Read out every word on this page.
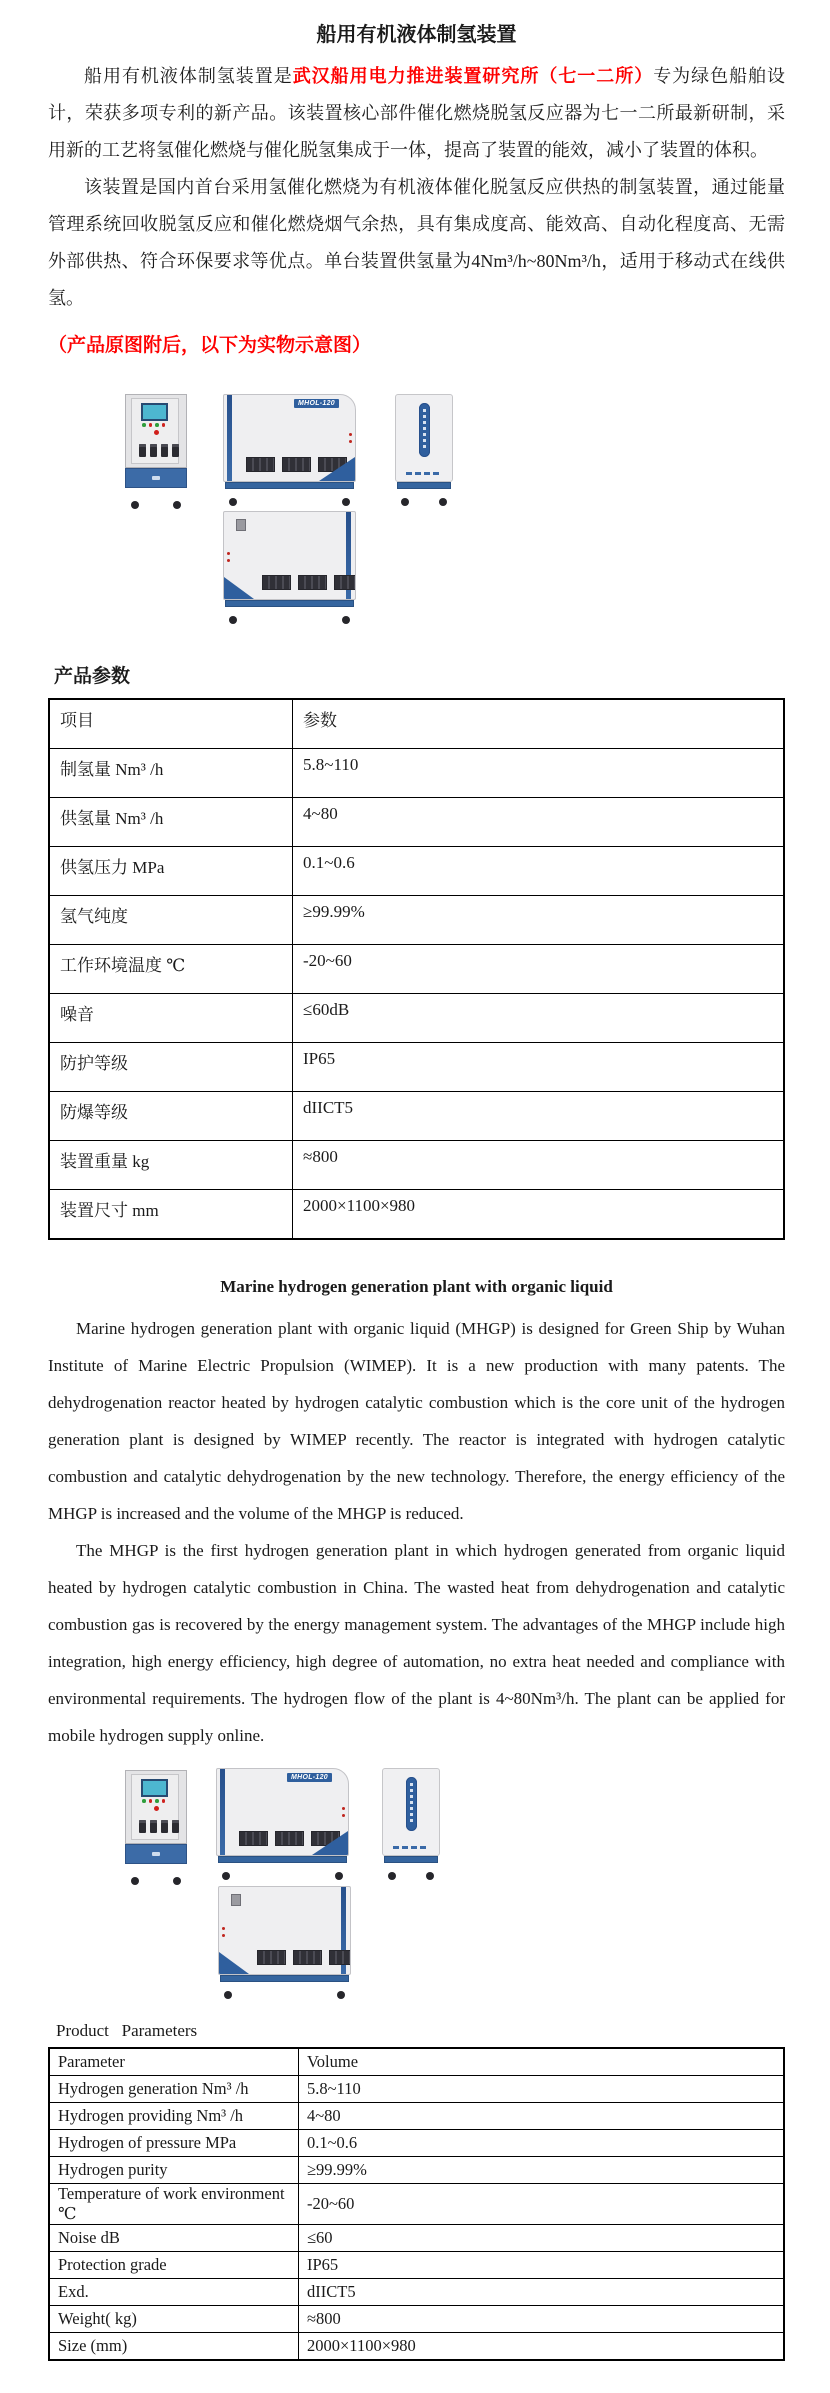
船用有机液体制氢装置

船用有机液体制氢装置是武汉船用电力推进装置研究所（七一二所）专为绿色船舶设计，荣获多项专利的新产品。该装置核心部件催化燃烧脱氢反应器为七一二所最新研制，采用新的工艺将氢催化燃烧与催化脱氢集成于一体，提高了装置的能效，减小了装置的体积。

该装置是国内首台采用氢催化燃烧为有机液体催化脱氢反应供热的制氢装置，通过能量管理系统回收脱氢反应和催化燃烧烟气余热，具有集成度高、能效高、自动化程度高、无需外部供热、符合环保要求等优点。单台装置供氢量为4Nm³/h~80Nm³/h，适用于移动式在线供氢。

（产品原图附后，以下为实物示意图）

MHOL-120
产品参数
项目	参数
制氢量 Nm³ /h	5.8~110
供氢量 Nm³ /h	4~80
供氢压力 MPa	0.1~0.6
氢气纯度	≥99.99%
工作环境温度 ℃	-20~60
噪音	≤60dB
防护等级	IP65
防爆等级	dIICT5
装置重量 kg	≈800
装置尺寸 mm	2000×1100×980
Marine hydrogen generation plant with organic liquid

Marine hydrogen generation plant with organic liquid (MHGP) is designed for Green Ship by Wuhan Institute of Marine Electric Propulsion (WIMEP). It is a new production with many patents. The dehydrogenation reactor heated by hydrogen catalytic combustion which is the core unit of the hydrogen generation plant is designed by WIMEP recently. The reactor is integrated with hydrogen catalytic combustion and catalytic dehydrogenation by the new technology. Therefore, the energy efficiency of the MHGP is increased and the volume of the MHGP is reduced.

The MHGP is the first hydrogen generation plant in which hydrogen generated from organic liquid heated by hydrogen catalytic combustion in China. The wasted heat from dehydrogenation and catalytic combustion gas is recovered by the energy management system. The advantages of the MHGP include high integration, high energy efficiency, high degree of automation, no extra heat needed and compliance with environmental requirements. The hydrogen flow of the plant is 4~80Nm³/h. The plant can be applied for mobile hydrogen supply online.

MHOL-120
Product   Parameters
Parameter	Volume
Hydrogen generation Nm³ /h	5.8~110
Hydrogen providing Nm³ /h	4~80
Hydrogen of pressure MPa	0.1~0.6
Hydrogen purity	≥99.99%
Temperature of work environment ℃	-20~60
Noise dB	≤60
Protection grade	IP65
Exd.	dIICT5
Weight( kg)	≈800
Size (mm)	2000×1100×980
